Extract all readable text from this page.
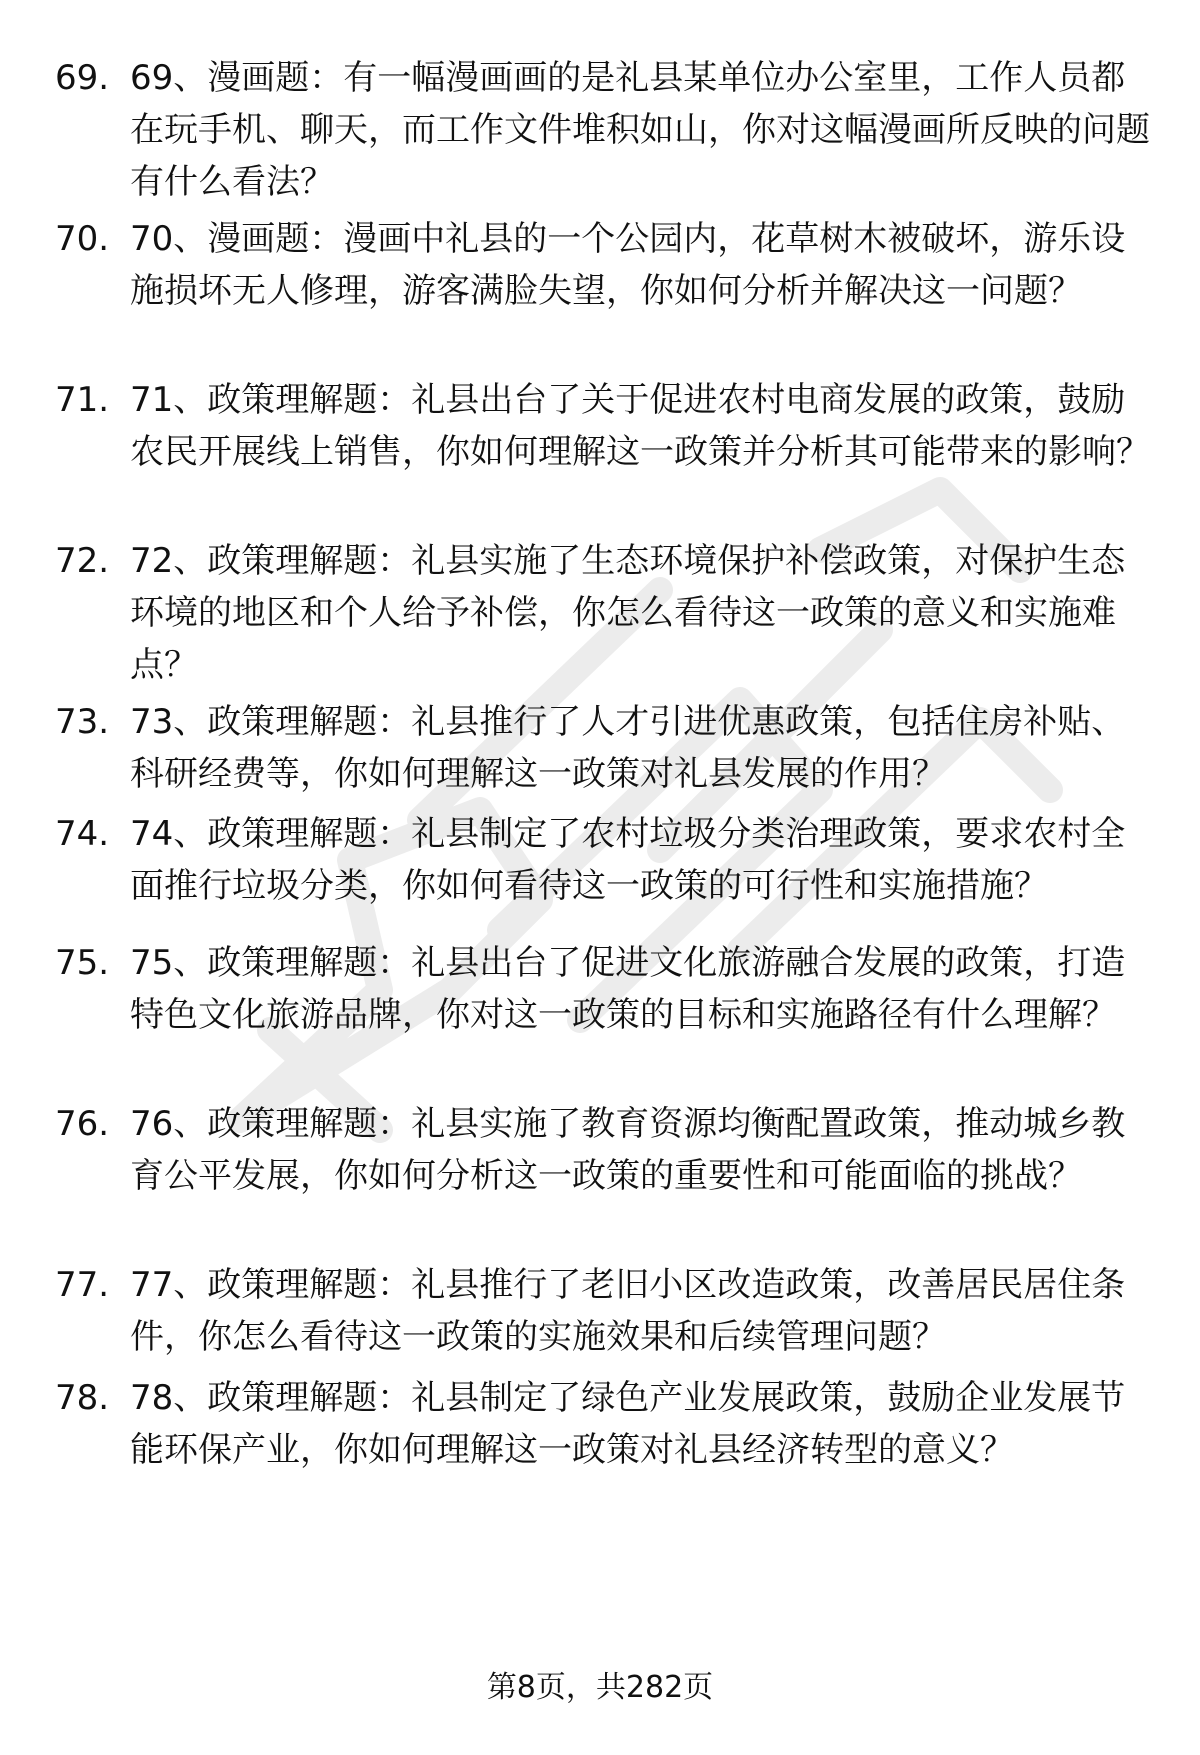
69. 69、漫画题：有一幅漫画画的是礼县某单位办公室里，工作人员都在玩手机、聊天，而工作文件堆积如山，你对这幅漫画所反映的问题有什么看法？
70. 70、漫画题：漫画中礼县的一个公园内，花草树木被破坏，游乐设施损坏无人修理，游客满脸失望，你如何分析并解决这一问题？
71. 71、政策理解题：礼县出台了关于促进农村电商发展的政策，鼓励农民开展线上销售，你如何理解这一政策并分析其可能带来的影响？
72. 72、政策理解题：礼县实施了生态环境保护补偿政策，对保护生态环境的地区和个人给予补偿，你怎么看待这一政策的意义和实施难点？
73. 73、政策理解题：礼县推行了人才引进优惠政策，包括住房补贴、科研经费等，你如何理解这一政策对礼县发展的作用？
74. 74、政策理解题：礼县制定了农村垃圾分类治理政策，要求农村全面推行垃圾分类，你如何看待这一政策的可行性和实施措施？
75. 75、政策理解题：礼县出台了促进文化旅游融合发展的政策，打造特色文化旅游品牌，你对这一政策的目标和实施路径有什么理解？
76. 76、政策理解题：礼县实施了教育资源均衡配置政策，推动城乡教育公平发展，你如何分析这一政策的重要性和可能面临的挑战？
77. 77、政策理解题：礼县推行了老旧小区改造政策，改善居民居住条件，你怎么看待这一政策的实施效果和后续管理问题？
78. 78、政策理解题：礼县制定了绿色产业发展政策，鼓励企业发展节能环保产业，你如何理解这一政策对礼县经济转型的意义？
第8页，共282页
